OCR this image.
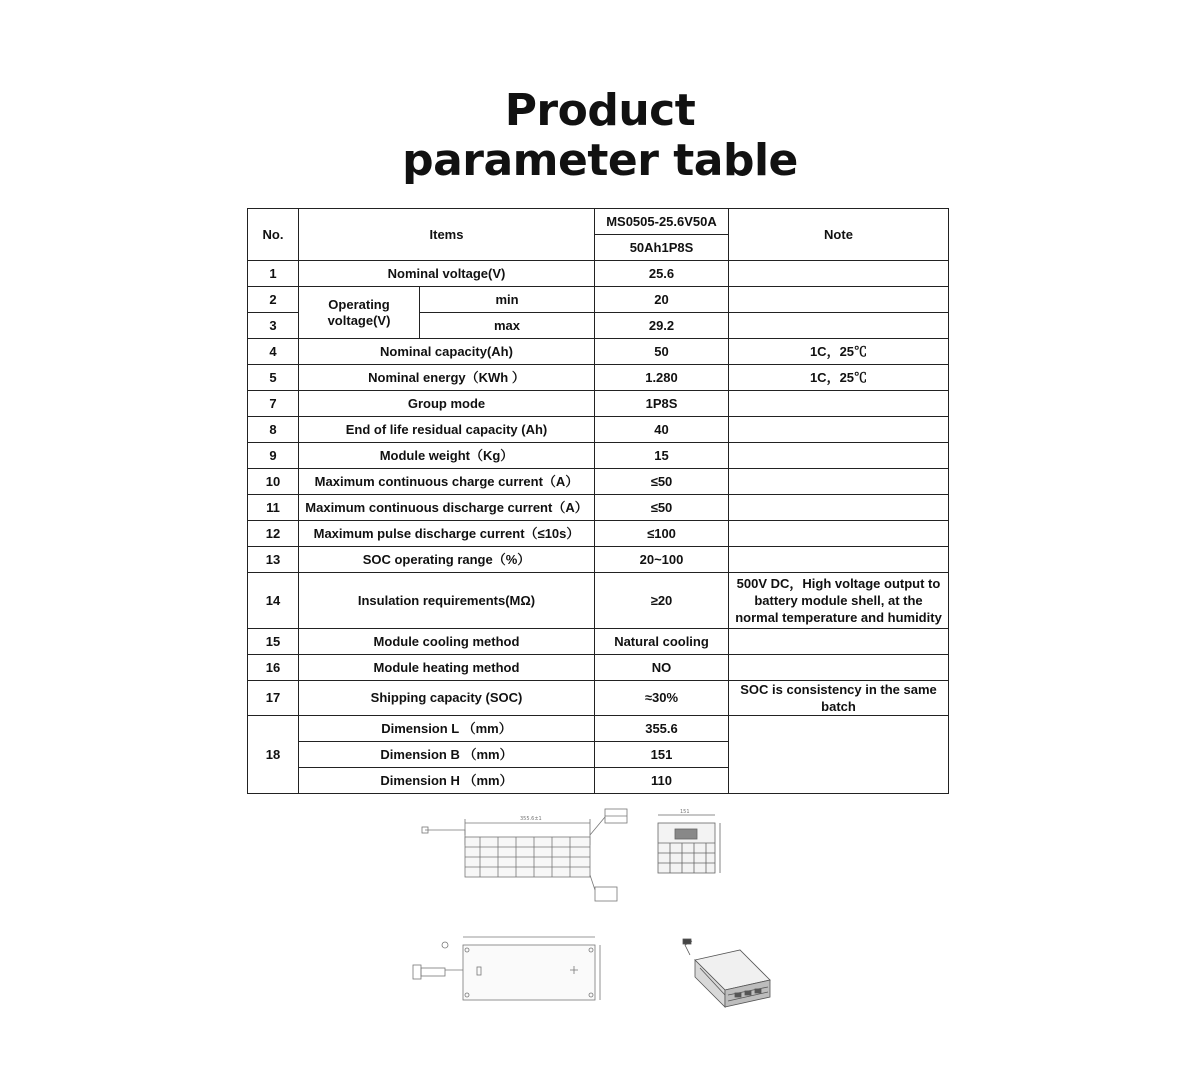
Product
parameter table
No.	Items		MS0505-25.6V50A	Note
			50Ah1P8S	
1	Nominal voltage(V)		25.6	
2	Operating voltage(V)	min	20	
3		max	29.2	
4	Nominal capacity(Ah)		50	1C，25℃
5	Nominal energy（KWh ）		1.280	1C，25℃
7	Group mode		1P8S	
8	End of life residual capacity (Ah)		40	
9	Module weight（Kg）		15	
10	Maximum continuous charge current（A）		≤50	
11	Maximum continuous discharge current（A）		≤50	
12	Maximum pulse discharge current（≤10s）		≤100	
13	SOC operating range（%）		20~100	
14	Insulation requirements(MΩ)		≥20	500V DC，High voltage output to battery module shell, at the normal temperature and humidity
15	Module cooling method		Natural cooling	
16	Module heating method		NO	
17	Shipping capacity (SOC)		≈30%	SOC is consistency in the same batch
18	Dimension L （mm）		355.6	
	Dimension B （mm）		151	
	Dimension H （mm）		110	
355.6±1
151
110
